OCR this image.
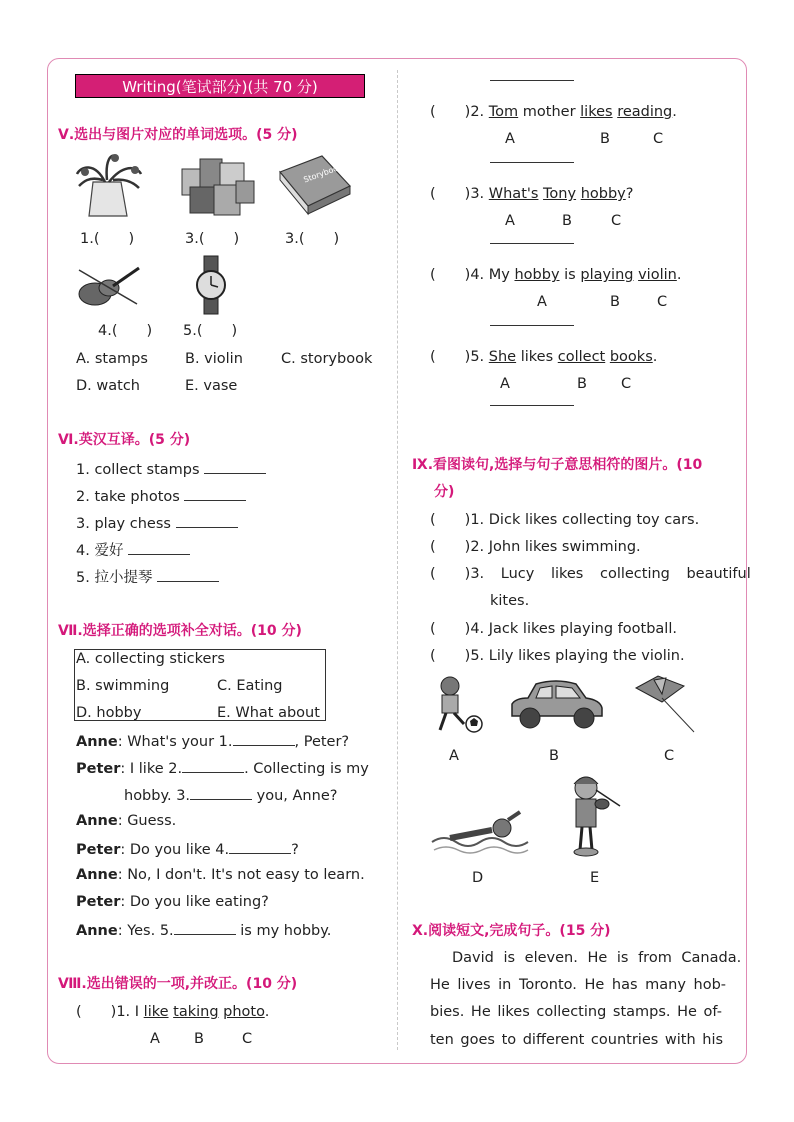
Writing(笔试部分)(共 70 分)
Ⅴ.选出与图片对应的单词选项。(5 分)
Storybook
1.(　　)	3.(　　)	3.(　　)
4.(　　) 5.(　　)
A. stamps	B. violin	C. storybook
D. watch	E. vase
Ⅵ.英汉互译。(5 分)
1. collect stamps
2. take photos
3. play chess
4. 爱好
5. 拉小提琴
Ⅶ.选择正确的选项补全对话。(10 分)
A. collecting stickers
B. swimming	C. Eating
D. hobby	E. What about
Anne: What's your 1.	, Peter?
Peter: I like 2.	. Collecting is my
hobby. 3.	you, Anne?
Anne: Guess.
Peter: Do you like 4.	?
Anne: No, I don't. It's not easy to learn.
Peter: Do you like eating?
Anne: Yes. 5.	is my hobby.
Ⅷ.选出错误的一项,并改正。(10 分)
(　　)1. I like taking photo.
A B	C
(　　)2. Tom mother likes reading.
A	B	C
(　　)3. What's Tony hobby?
A	B	C
(　　)4. My hobby is playing violin.
A	B	C
(　　)5. She likes collect books.
A	B C
Ⅸ.看图读句,选择与句子意思相符的图片。(10
分)
(　　)1. Dick likes collecting toy cars.
(　　)2. John likes swimming.
(　　)3. Lucy likes collecting beautiful
kites.
(　　)4. Jack likes playing football.
(　　)5. Lily likes playing the violin.
A	B	C
D	E
Ⅹ.阅读短文,完成句子。(15 分)
David is eleven. He is from Canada.
He lives in Toronto. He has many hob-
bies. He likes collecting stamps. He of-
ten goes to different countries with his
